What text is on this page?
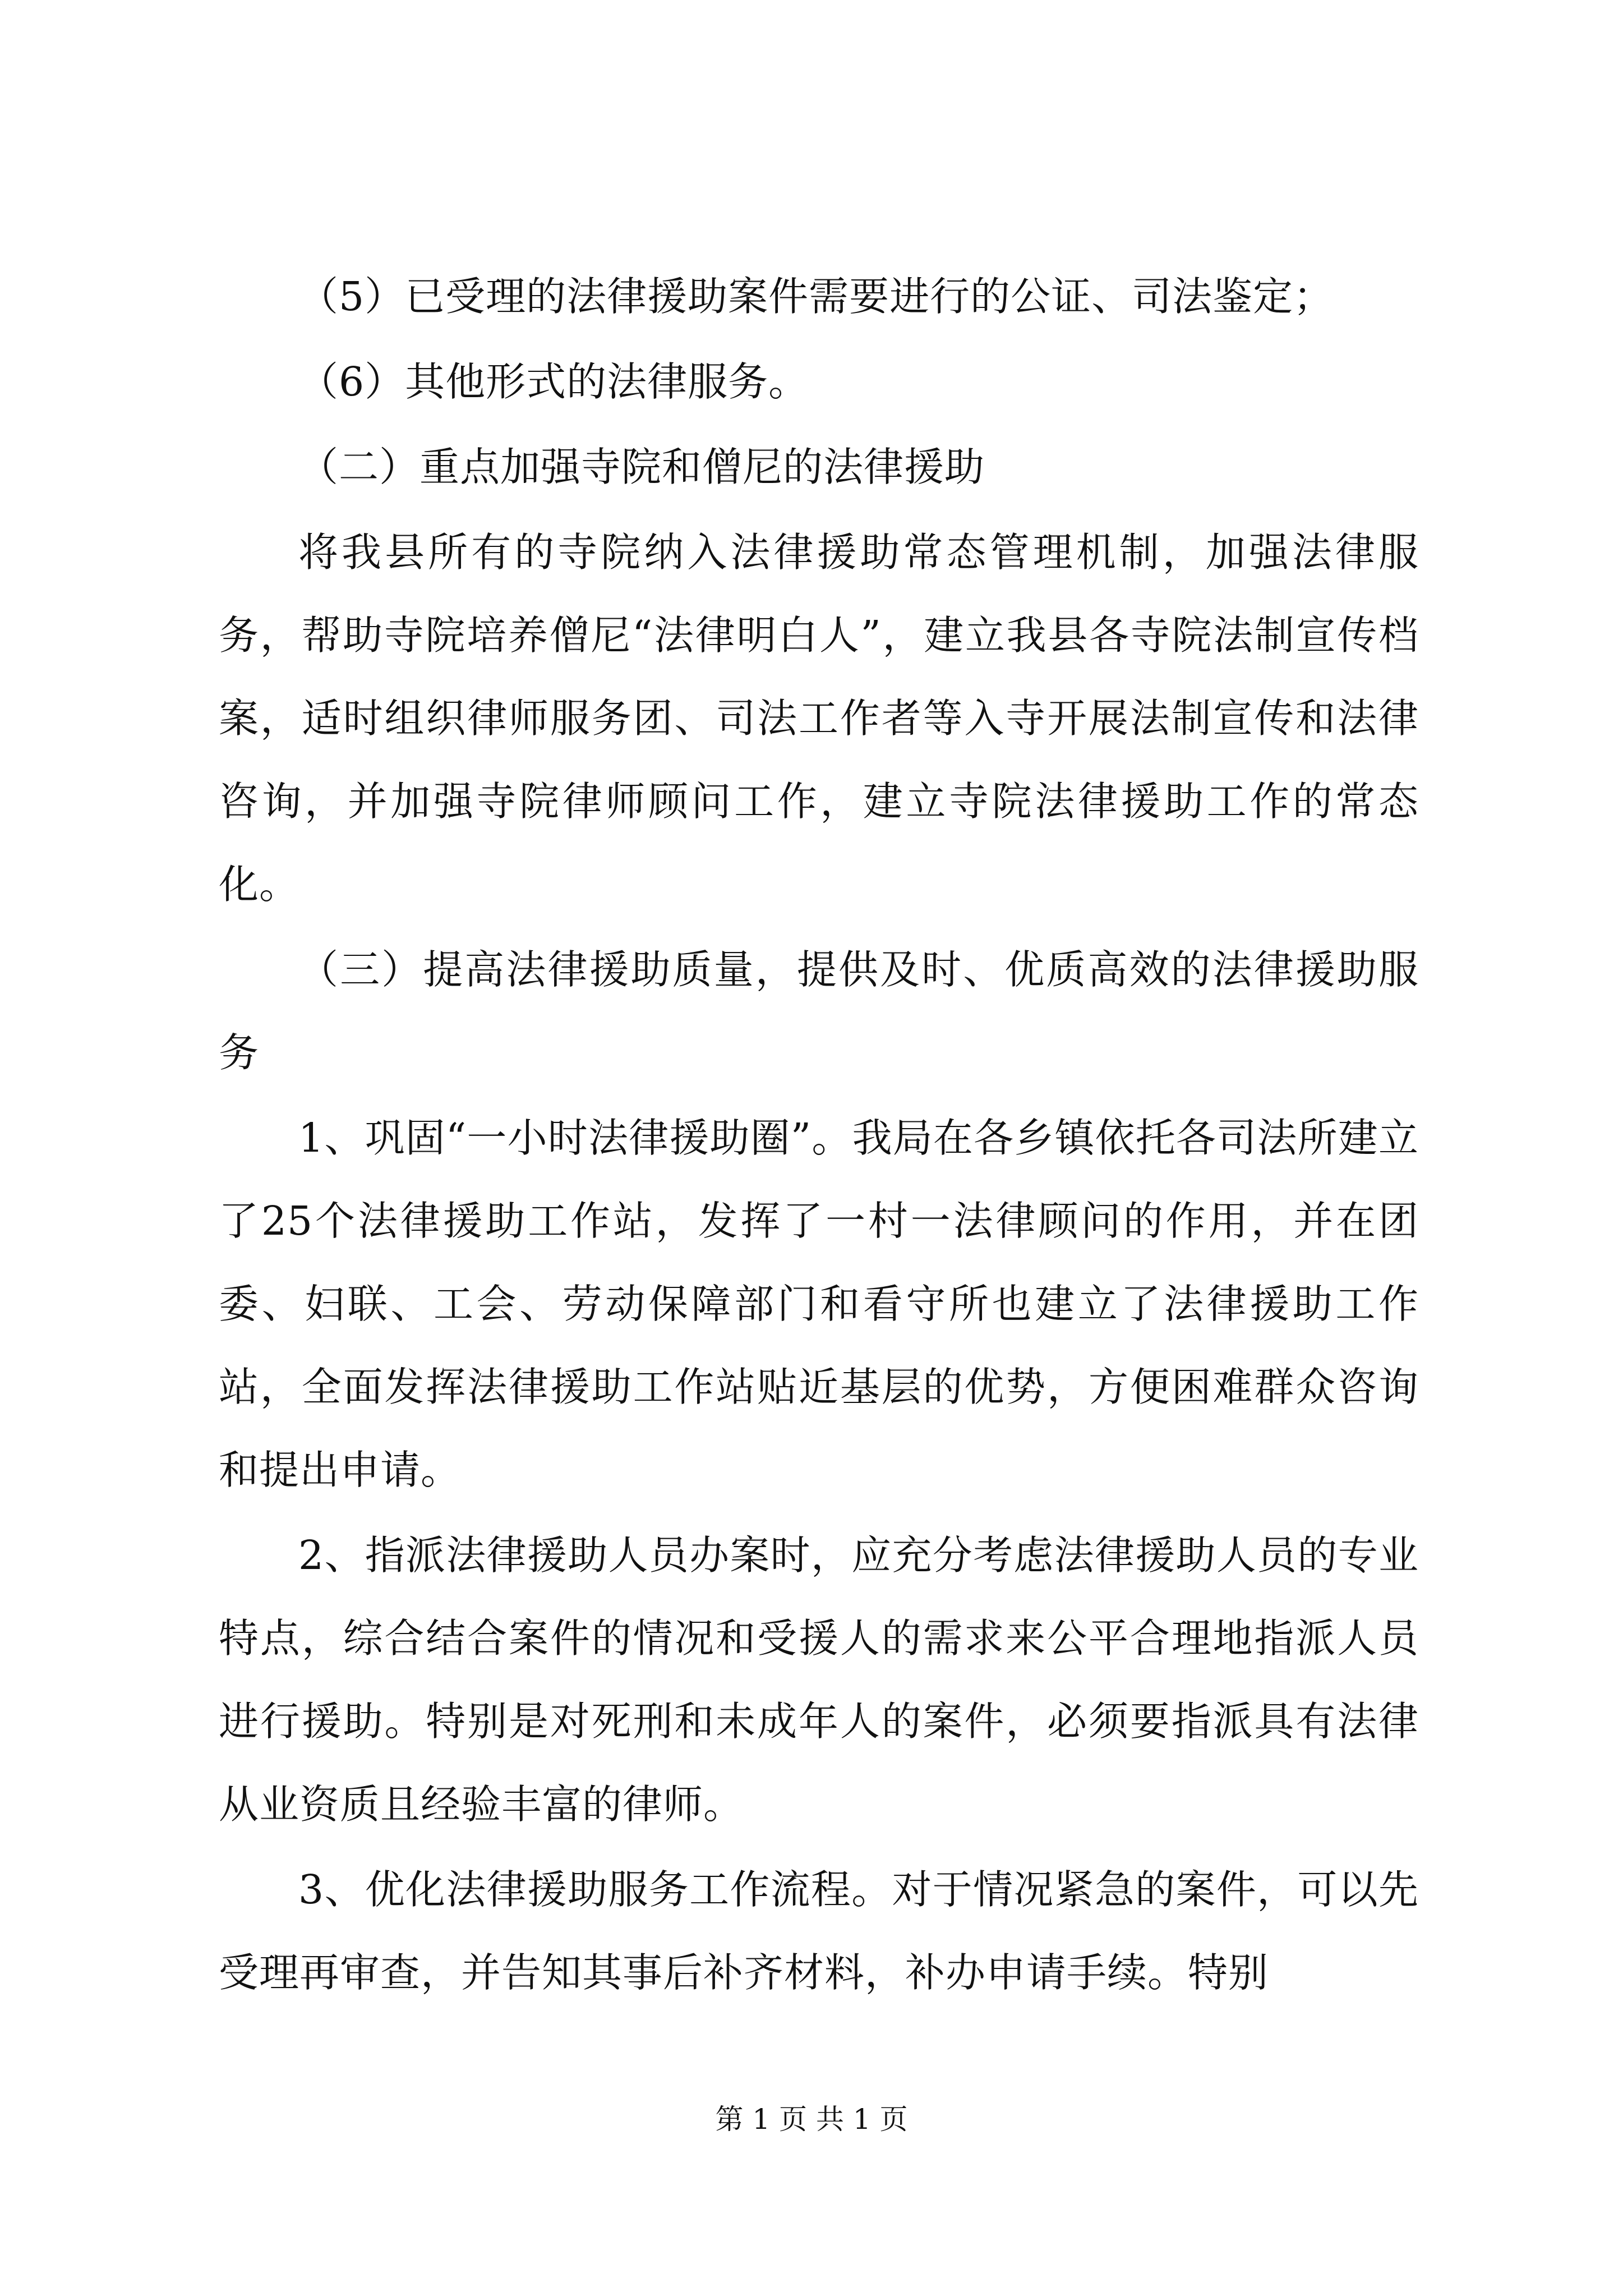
（5）已受理的法律援助案件需要进行的公证、司法鉴定；

（6）其他形式的法律服务。

（二）重点加强寺院和僧尼的法律援助

将我县所有的寺院纳入法律援助常态管理机制，加强法律服务，帮助寺院培养僧尼“法律明白人”，建立我县各寺院法制宣传档案，适时组织律师服务团、司法工作者等入寺开展法制宣传和法律咨询，并加强寺院律师顾问工作，建立寺院法律援助工作的常态化。

（三）提高法律援助质量，提供及时、优质高效的法律援助服务

1、巩固“一小时法律援助圈”。我局在各乡镇依托各司法所建立了25个法律援助工作站，发挥了一村一法律顾问的作用，并在团委、妇联、工会、劳动保障部门和看守所也建立了法律援助工作站，全面发挥法律援助工作站贴近基层的优势，方便困难群众咨询和提出申请。

2、指派法律援助人员办案时，应充分考虑法律援助人员的专业特点，综合结合案件的情况和受援人的需求来公平合理地指派人员进行援助。特别是对死刑和未成年人的案件，必须要指派具有法律从业资质且经验丰富的律师。

3、优化法律援助服务工作流程。对于情况紧急的案件，可以先受理再审查，并告知其事后补齐材料，补办申请手续。特别

第 1 页 共 1 页
